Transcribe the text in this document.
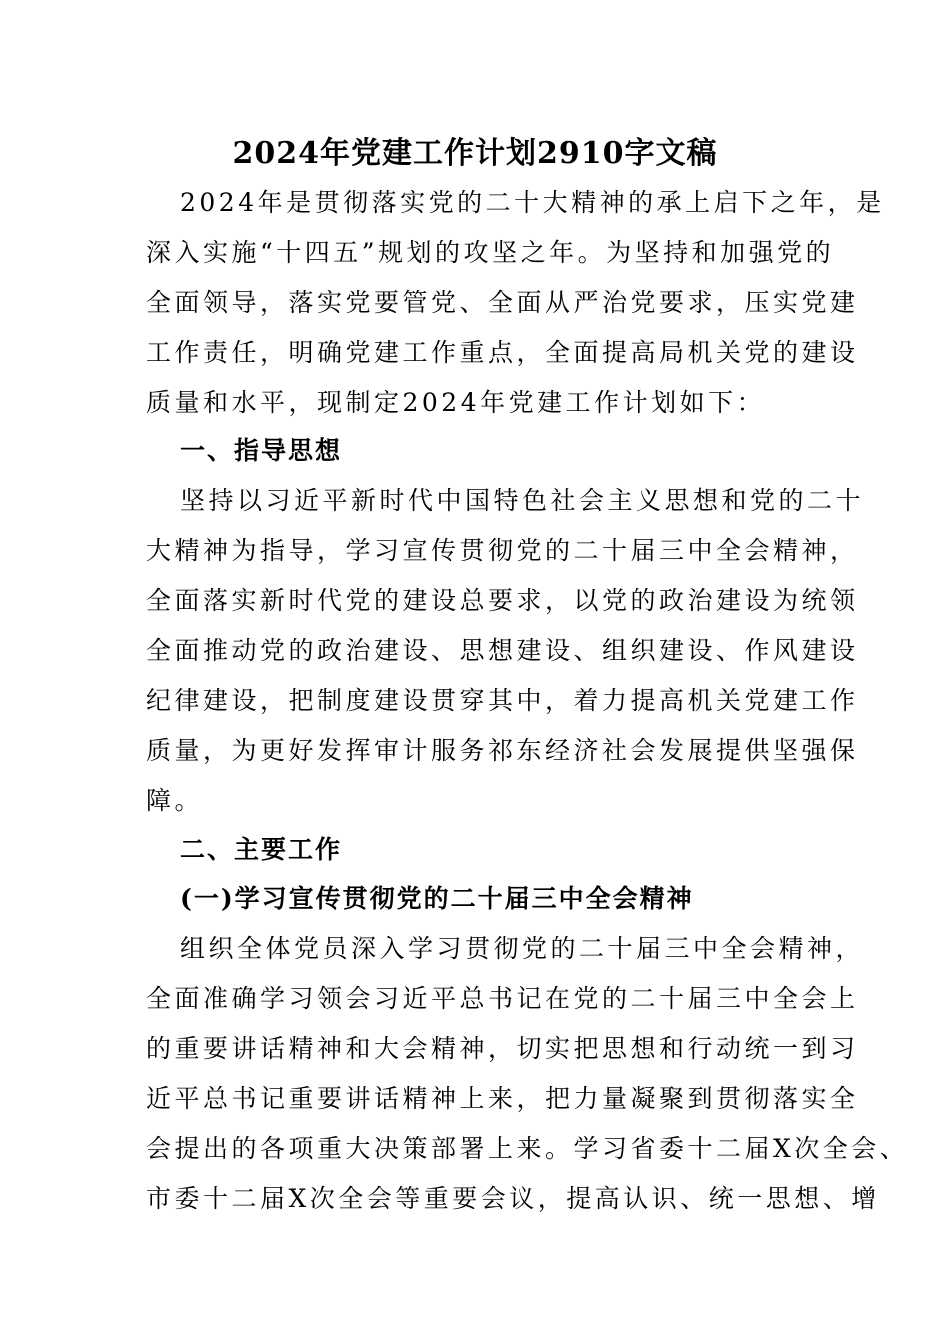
2024年党建工作计划2910字文稿
2024年是贯彻落实党的二十大精神的承上启下之年，是
深入实施“十四五”规划的攻坚之年。为坚持和加强党的
全面领导，落实党要管党、全面从严治党要求，压实党建
工作责任，明确党建工作重点，全面提高局机关党的建设
质量和水平，现制定2024年党建工作计划如下：
一、指导思想
坚持以习近平新时代中国特色社会主义思想和党的二十
大精神为指导，学习宣传贯彻党的二十届三中全会精神，
全面落实新时代党的建设总要求，以党的政治建设为统领
全面推动党的政治建设、思想建设、组织建设、作风建设
纪律建设，把制度建设贯穿其中，着力提高机关党建工作
质量，为更好发挥审计服务祁东经济社会发展提供坚强保
障。
二、主要工作
(一)学习宣传贯彻党的二十届三中全会精神
组织全体党员深入学习贯彻党的二十届三中全会精神，
全面准确学习领会习近平总书记在党的二十届三中全会上
的重要讲话精神和大会精神，切实把思想和行动统一到习
近平总书记重要讲话精神上来，把力量凝聚到贯彻落实全
会提出的各项重大决策部署上来。学习省委十二届X次全会、
市委十二届X次全会等重要会议，提高认识、统一思想、增
